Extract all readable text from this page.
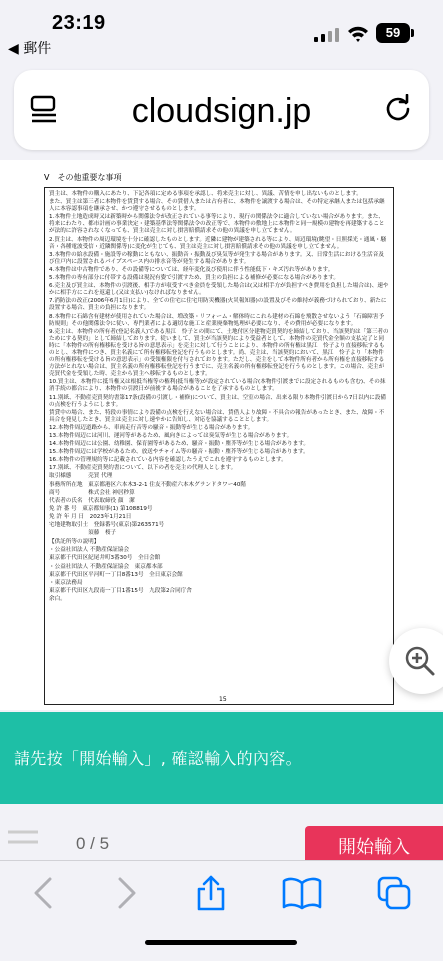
23:19
◀ 郵件
59
cloudsign.jp
V　その他重要な事項

買主は、本物件の購入にあたり、下記各項に定める事項を承認し、将来売主に対し、異議、苦情を申し出ないものとします。

また、買主は第三者に本物件を賃貸する場合、その賃借人または占有者に、本物件を譲渡する場合は、その特定承継人または包括承継人に本容認事項を継承させ、かつ遵守させるものとします。

1.本物件土地造成時又は新築時から関係法令が改正されている事等により、現行の関係法令に適合していない場合があります。また、将来にわたり、都市計画の事業決定・建築基準法等関係法令の改正等で、本物件の敷地上に本物件と同一規模の建物を再建築することが法的に許容されなくなっても、買主は売主に対し損害賠償請求その他の異議を申し立てません。

2.買主は、本物件の周辺環境を十分に確認したものとします。近隣に建物が建築される等により、周辺環境(眺望・日照採光・通風・騒音・各種電波受信・近隣関係等)に変化が生じても、買主は売主に対し損害賠償請求その他の異議を申し立てません。

3.本物件の給水設備・施設等の稼動にともない、振動音・振動及び臭気等が発生する場合があります。又、日常生活における生活音及び住戸内に設置されるパイプスペース内の排水音等が発生する場合があります。

4.本物件は中古物件であり、その設備等については、経年変化及び使用に伴う性能低下・キズ汚れ等があります。

5.本物件の専有部分に付帯する設備は現況有姿で引渡すため、買主の負担による補修が必要になる場合があります。

6.売主及び買主は、本物件の引渡後、相手方が収受すべき金員を受領した場合は(又は相手方が負担すべき費用を負担した場合は)、速やかに相手方にこれを返還し(又は支払い)なければなりません。

7.消防法の改正(2006年6月1日)により、全ての住宅に住宅用防災機器(火災報知器)の設置及びその維持が義務づけられており、新たに設置する場合、買主の負担になります。

8.本物件に石綿含有建材が使用されていた場合は、増改築・リフォーム・解体時にこれら建材の石綿を飛散させないよう「石綿障害予防規則」その他関係法令に従い、専門業者による適切な施工と産業廃棄物処理が必要になり、その費用が必要になります。

9.売主は、本物件の所有者(登記名義人)である黒江　怜子との間にて、土地付区分建物売買契約を締結しており、当該契約は「第三者のためにする契約」として締結しております。従いまして、買主が当該契約により受益者として、本物件の売買代金全額の支払完了と同時に「本物件の所有権移転を受ける旨の意思表示」を売主に対して行うことにより、本物件の所有権は黒江　怜子より直接移転するものとし、本物件につき、買主名義にて所有権移転登記を行うものとします。尚、売主は、当該契約において、黒江　怜子より「本物件の所有権移転を受ける旨の意思表示」の受領権限を付与されております。ただし、売主をして本物件所有者から所有権を直接移転する方法がとれない場合は、買主名義の所有権移転登記を行うまでに、売主名義の所有権移転登記を行うものとします。この場合、売主が売買代金を受領した時、売主から買主へ移転するものとします。

10.買主は、本物件に抵当権又は根抵当権等の権利(抵当権等)が設定されている場合(本物件引渡までに設定されるものも含む)、その抹消手続の都合により、本物件の引渡日が前後する場合があることを了承するものとします。

11.別紙、不動産売買契約書第17条(設備の引渡し・補修)について、買主は、空室の場合、出来る限り本物件引渡日から7日以内に設備の点検を行うようにします。

賃貸中の場合、また、特段の事情により設備の点検を行えない場合は、賃借人より故障・不具合の報告があったとき、また、故障・不具合を発見したとき、買主は売主に対し速やかに告知し、対応を協議することとします。

12.本物件周辺道路から、車両走行音等の騒音・振動等が生じる場合があります。

13.本物件周辺には河川、運河等があるため、風向きによっては臭気等が生じる場合があります。

14.本物件周辺には公園、幼稚園、保育園等があるため、騒音・振動・塵芥等が生じる場合があります。

15.本物件周辺には学校があるため、放送やチャイム等の騒音・振動・塵芥等が生じる場合があります。

16.本物件の管理規約等に記載されている内容を確認したうえでこれを遵守するものとします。

17.別紙、不動産売買契約書について、以下の者を売主の代理人とします。

取引様態　　　売買 代理

事務所所在地　東京都港区六本木3-2-1 住友不動産六本木グランドタワー40階

商号　　　　　株式会社 神居秒算

代表者の氏名　代表取締役 顔　潔

免 許 番 号　東京都知事(1) 第108819号

免 許 年 月 日　2023年1月21日

宅地建物取引士　登録番号(東京)第263571号

　　　　　　　須藤　桜子

【供託所等の説明】

・公益社団法人 不動産保証協会

東京都千代田区紀尾井町3番30号　全日会館

・公益社団法人 不動産保証協会　東京都本部

東京都千代田区平河町一丁目8番13号　全日東京会館

・東京法務局

東京都千代田区九段南一丁目1番15号　九段第2合同庁舎

余白。

15
請先按「開始輸入」, 確認輸入的內容。
0 / 5	開始輸入
